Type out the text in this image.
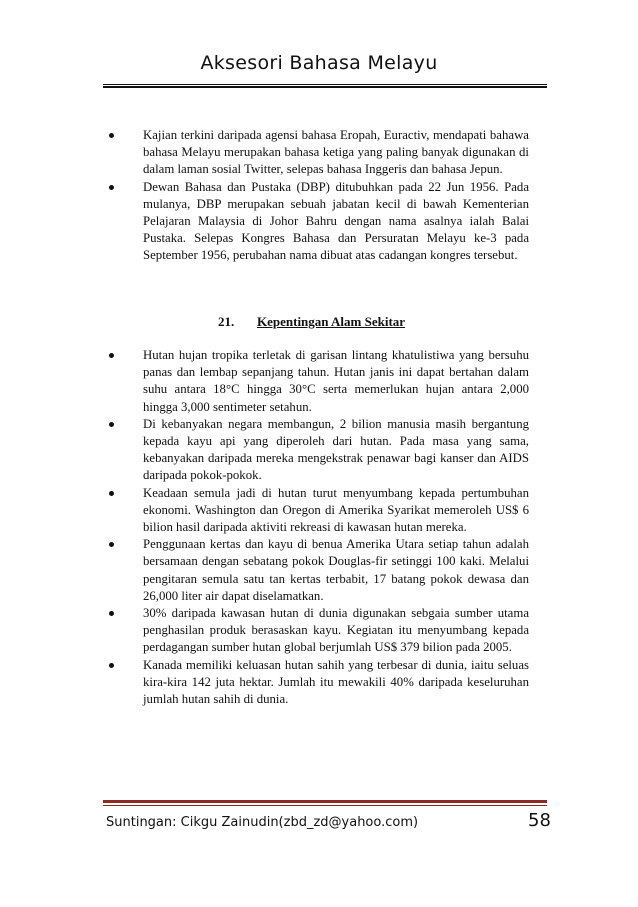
Aksesori Bahasa Melayu
Kajian terkini daripada agensi bahasa Eropah, Euractiv, mendapati bahawa bahasa Melayu merupakan bahasa ketiga yang paling banyak digunakan di dalam laman sosial Twitter, selepas bahasa Inggeris dan bahasa Jepun.
Dewan Bahasa dan Pustaka (DBP) ditubuhkan pada 22 Jun 1956. Pada mulanya, DBP merupakan sebuah jabatan kecil di bawah Kementerian Pelajaran Malaysia di Johor Bahru dengan nama asalnya ialah Balai Pustaka. Selepas Kongres Bahasa dan Persuratan Melayu ke-3 pada September 1956, perubahan nama dibuat atas cadangan kongres tersebut.
21. Kepentingan Alam Sekitar
Hutan hujan tropika terletak di garisan lintang khatulistiwa yang bersuhu panas dan lembap sepanjang tahun. Hutan janis ini dapat bertahan dalam suhu antara 18°C hingga 30°C serta memerlukan hujan antara 2,000 hingga 3,000 sentimeter setahun.
Di kebanyakan negara membangun, 2 bilion manusia masih bergantung kepada kayu api yang diperoleh dari hutan. Pada masa yang sama, kebanyakan daripada mereka mengekstrak penawar bagi kanser dan AIDS daripada pokok-pokok.
Keadaan semula jadi di hutan turut menyumbang kepada pertumbuhan ekonomi. Washington dan Oregon di Amerika Syarikat memeroleh US$ 6 bilion hasil daripada aktiviti rekreasi di kawasan hutan mereka.
Penggunaan kertas dan kayu di benua Amerika Utara setiap tahun adalah bersamaan dengan sebatang pokok Douglas-fir setinggi 100 kaki. Melalui pengitaran semula satu tan kertas terbabit, 17 batang pokok dewasa dan 26,000 liter air dapat diselamatkan.
30% daripada kawasan hutan di dunia digunakan sebgaia sumber utama penghasilan produk berasaskan kayu. Kegiatan itu menyumbang kepada perdagangan sumber hutan global berjumlah US$ 379 bilion pada 2005.
Kanada memiliki keluasan hutan sahih yang terbesar di dunia, iaitu seluas kira-kira 142 juta hektar. Jumlah itu mewakili 40% daripada keseluruhan jumlah hutan sahih di dunia.
Suntingan: Cikgu Zainudin(zbd_zd@yahoo.com)	58
